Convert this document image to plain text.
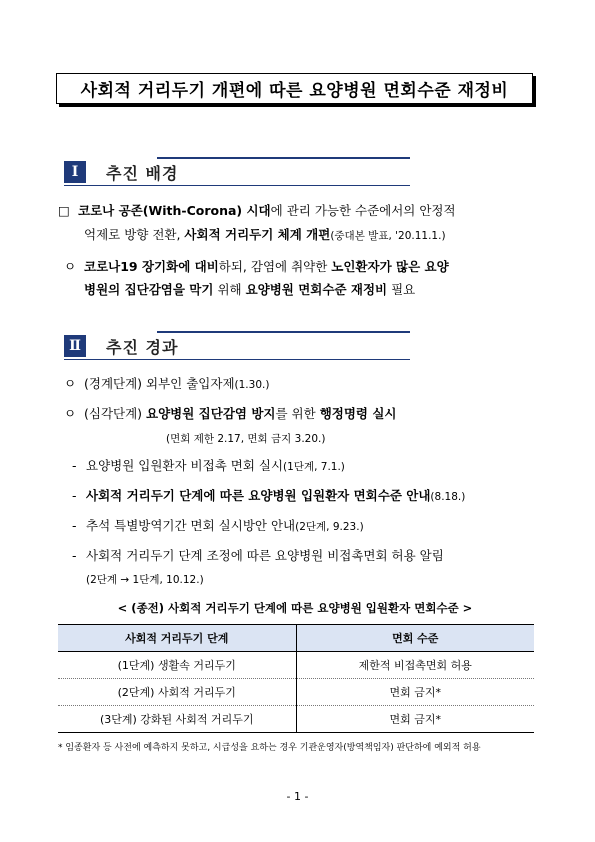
사회적 거리두기 개편에 따른 요양병원 면회수준 재정비
Ⅰ	추진 배경
□ 코로나 공존(With-Corona) 시대에 관리 가능한 수준에서의 안정적
억제로 방향 전환, 사회적 거리두기 체계 개편(중대본 발표, '20.11.1.)
ㅇ 코로나19 장기화에 대비하되, 감염에 취약한 노인환자가 많은 요양
병원의 집단감염을 막기 위해 요양병원 면회수준 재정비 필요
Ⅱ	추진 경과
ㅇ (경계단계) 외부인 출입자제(1.30.)
ㅇ (심각단계) 요양병원 집단감염 방지를 위한 행정명령 실시
(면회 제한 2.17, 면회 금지 3.20.)
- 요양병원 입원환자 비접촉 면회 실시(1단계, 7.1.)
- 사회적 거리두기 단계에 따른 요양병원 입원환자 면회수준 안내(8.18.)
- 추석 특별방역기간 면회 실시방안 안내(2단계, 9.23.)
- 사회적 거리두기 단계 조정에 따른 요양병원 비접촉면회 허용 알림
(2단계 → 1단계, 10.12.)
< (종전) 사회적 거리두기 단계에 따른 요양병원 입원환자 면회수준 >
사회적 거리두기 단계	면회 수준
(1단계) 생활속 거리두기	제한적 비접촉면회 허용
(2단계) 사회적 거리두기	면회 금지*
(3단계) 강화된 사회적 거리두기	면회 금지*
* 임종환자 등 사전에 예측하지 못하고, 시급성을 요하는 경우 기관운영자(방역책임자) 판단하에 예외적 허용
- 1 -
